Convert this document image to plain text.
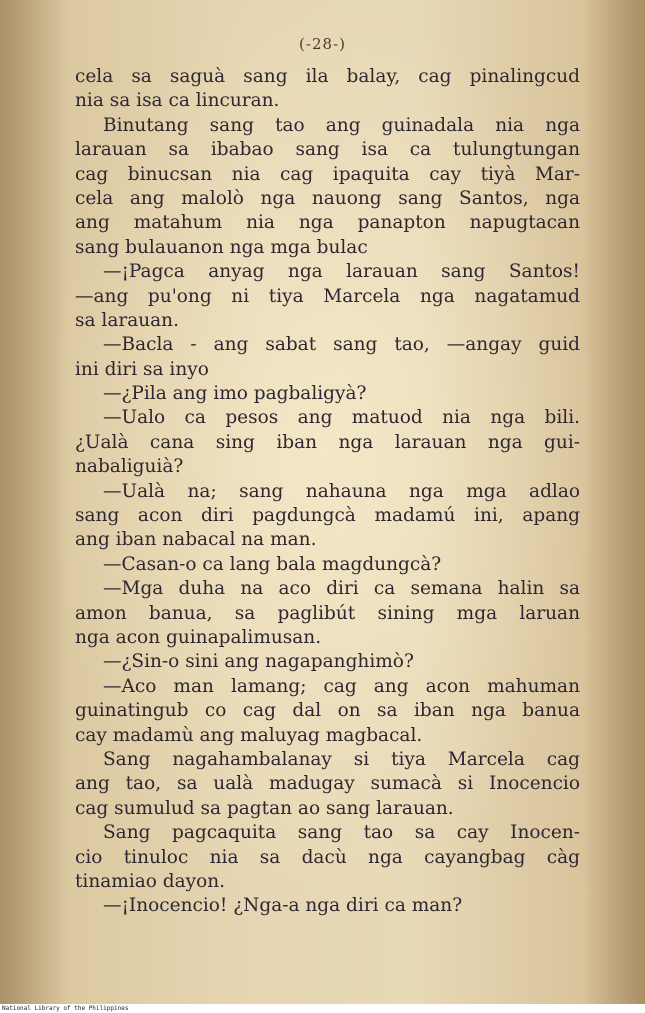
(-28-)
cela sa saguà sang ila balay, cag pinalingcud
nia sa isa ca lincuran.
Binutang sang tao ang guinadala nia nga
larauan sa ibabao sang isa ca tulungtungan
cag binucsan nia cag ipaquita cay tiyà Mar-
cela ang malolò nga nauong sang Santos, nga
ang matahum nia nga panapton napugtacan
sang bulauanon nga mga bulac
—¡Pagca anyag nga larauan sang Santos!
—ang pu'ong ni tiya Marcela nga nagatamud
sa larauan.
—Bacla - ang sabat sang tao, —angay guid
ini diri sa inyo
—¿Pila ang imo pagbaligyà?
—Ualo ca pesos ang matuod nia nga bili.
¿Ualà cana sing iban nga larauan nga gui-
nabaliguià?
—Ualà na; sang nahauna nga mga adlao
sang acon diri pagdungcà madamú ini, apang
ang iban nabacal na man.
—Casan-o ca lang bala magdungcà?
—Mga duha na aco diri ca semana halin sa
amon banua, sa paglibút sining mga laruan
nga acon guinapalimusan.
—¿Sin-o sini ang nagapanghimò?
—Aco man lamang; cag ang acon mahuman
guinatingub co cag dal on sa iban nga banua
cay madamù ang maluyag magbacal.
Sang nagahambalanay si tiya Marcela cag
ang tao, sa ualà madugay sumacà si Inocencio
cag sumulud sa pagtan ao sang larauan.
Sang pagcaquita sang tao sa cay Inocen-
cio tinuloc nia sa dacù nga cayangbag càg
tinamiao dayon.
—¡Inocencio! ¿Nga-a nga diri ca man?
National Library of the Philippines
